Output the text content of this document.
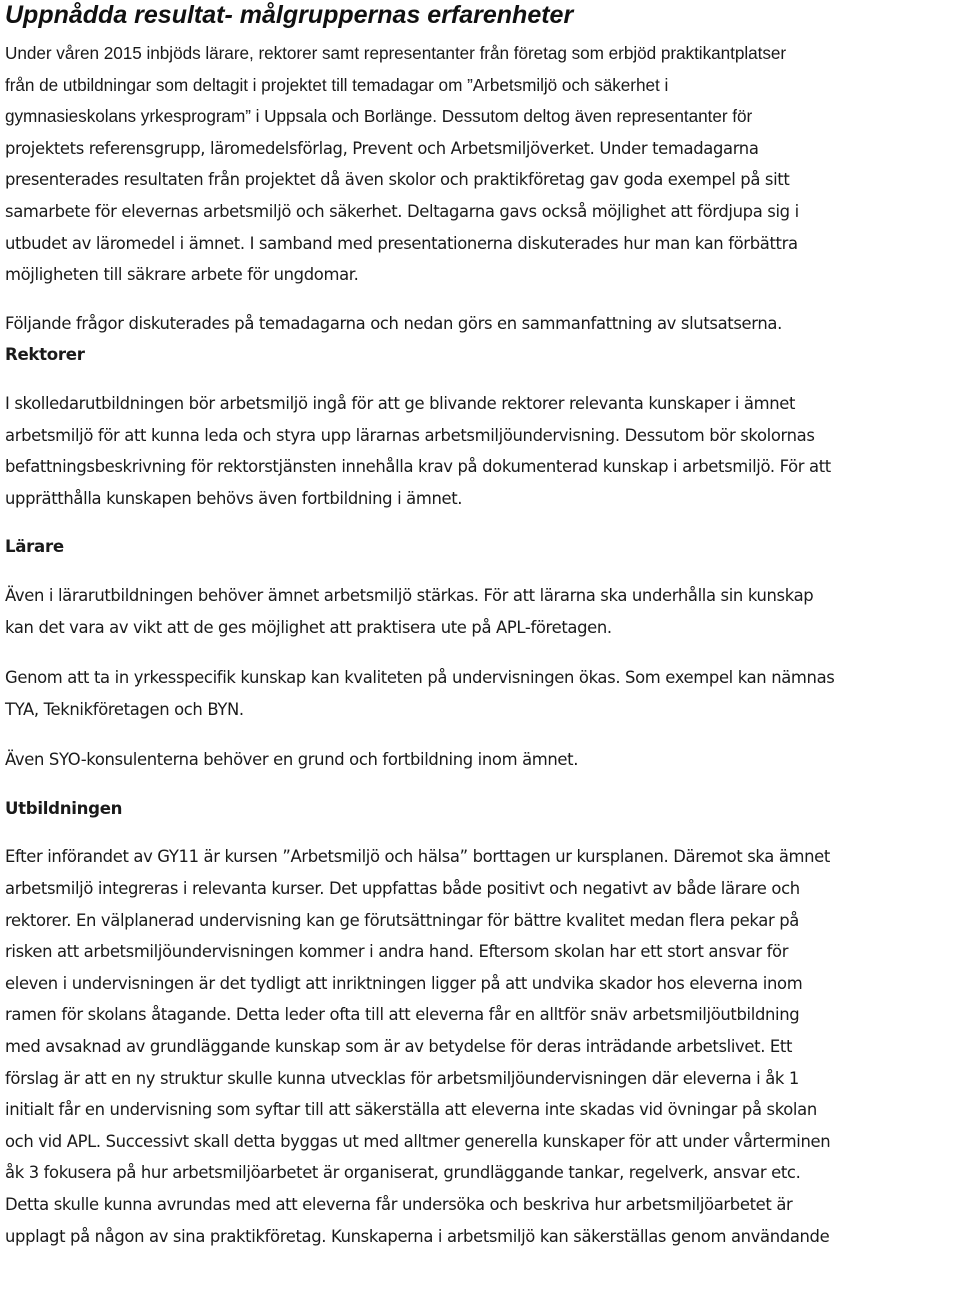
Uppnådda resultat- målgruppernas erfarenheter
Under våren 2015 inbjöds lärare, rektorer samt representanter från företag som erbjöd praktikantplatser
från de utbildningar som deltagit i projektet till temadagar om ”Arbetsmiljö och säkerhet i
gymnasieskolans yrkesprogram” i Uppsala och Borlänge. Dessutom deltog även representanter för
projektets referensgrupp, läromedelsförlag, Prevent och Arbetsmiljöverket. Under temadagarna
presenterades resultaten från projektet då även skolor och praktikföretag gav goda exempel på sitt
samarbete för elevernas arbetsmiljö och säkerhet. Deltagarna gavs också möjlighet att fördjupa sig i
utbudet av läromedel i ämnet. I samband med presentationerna diskuterades hur man kan förbättra
möjligheten till säkrare arbete för ungdomar.
Följande frågor diskuterades på temadagarna och nedan görs en sammanfattning av slutsatserna.
Rektorer
I skolledarutbildningen bör arbetsmiljö ingå för att ge blivande rektorer relevanta kunskaper i ämnet
arbetsmiljö för att kunna leda och styra upp lärarnas arbetsmiljöundervisning. Dessutom bör skolornas
befattningsbeskrivning för rektorstjänsten innehålla krav på dokumenterad kunskap i arbetsmiljö. För att
upprätthålla kunskapen behövs även fortbildning i ämnet.
Lärare
Även i lärarutbildningen behöver ämnet arbetsmiljö stärkas. För att lärarna ska underhålla sin kunskap
kan det vara av vikt att de ges möjlighet att praktisera ute på APL-företagen.
Genom att ta in yrkesspecifik kunskap kan kvaliteten på undervisningen ökas. Som exempel kan nämnas
TYA, Teknikföretagen och BYN.
Även SYO-konsulenterna behöver en grund och fortbildning inom ämnet.
Utbildningen
Efter införandet av GY11 är kursen ”Arbetsmiljö och hälsa” borttagen ur kursplanen. Däremot ska ämnet
arbetsmiljö integreras i relevanta kurser. Det uppfattas både positivt och negativt av både lärare och
rektorer. En välplanerad undervisning kan ge förutsättningar för bättre kvalitet medan flera pekar på
risken att arbetsmiljöundervisningen kommer i andra hand. Eftersom skolan har ett stort ansvar för
eleven i undervisningen är det tydligt att inriktningen ligger på att undvika skador hos eleverna inom
ramen för skolans åtagande. Detta leder ofta till att eleverna får en alltför snäv arbetsmiljöutbildning
med avsaknad av grundläggande kunskap som är av betydelse för deras inträdande arbetslivet. Ett
förslag är att en ny struktur skulle kunna utvecklas för arbetsmiljöundervisningen där eleverna i åk 1
initialt får en undervisning som syftar till att säkerställa att eleverna inte skadas vid övningar på skolan
och vid APL. Successivt skall detta byggas ut med alltmer generella kunskaper för att under vårterminen
åk 3 fokusera på hur arbetsmiljöarbetet är organiserat, grundläggande tankar, regelverk, ansvar etc.
Detta skulle kunna avrundas med att eleverna får undersöka och beskriva hur arbetsmiljöarbetet är
upplagt på någon av sina praktikföretag. Kunskaperna i arbetsmiljö kan säkerställas genom användande
